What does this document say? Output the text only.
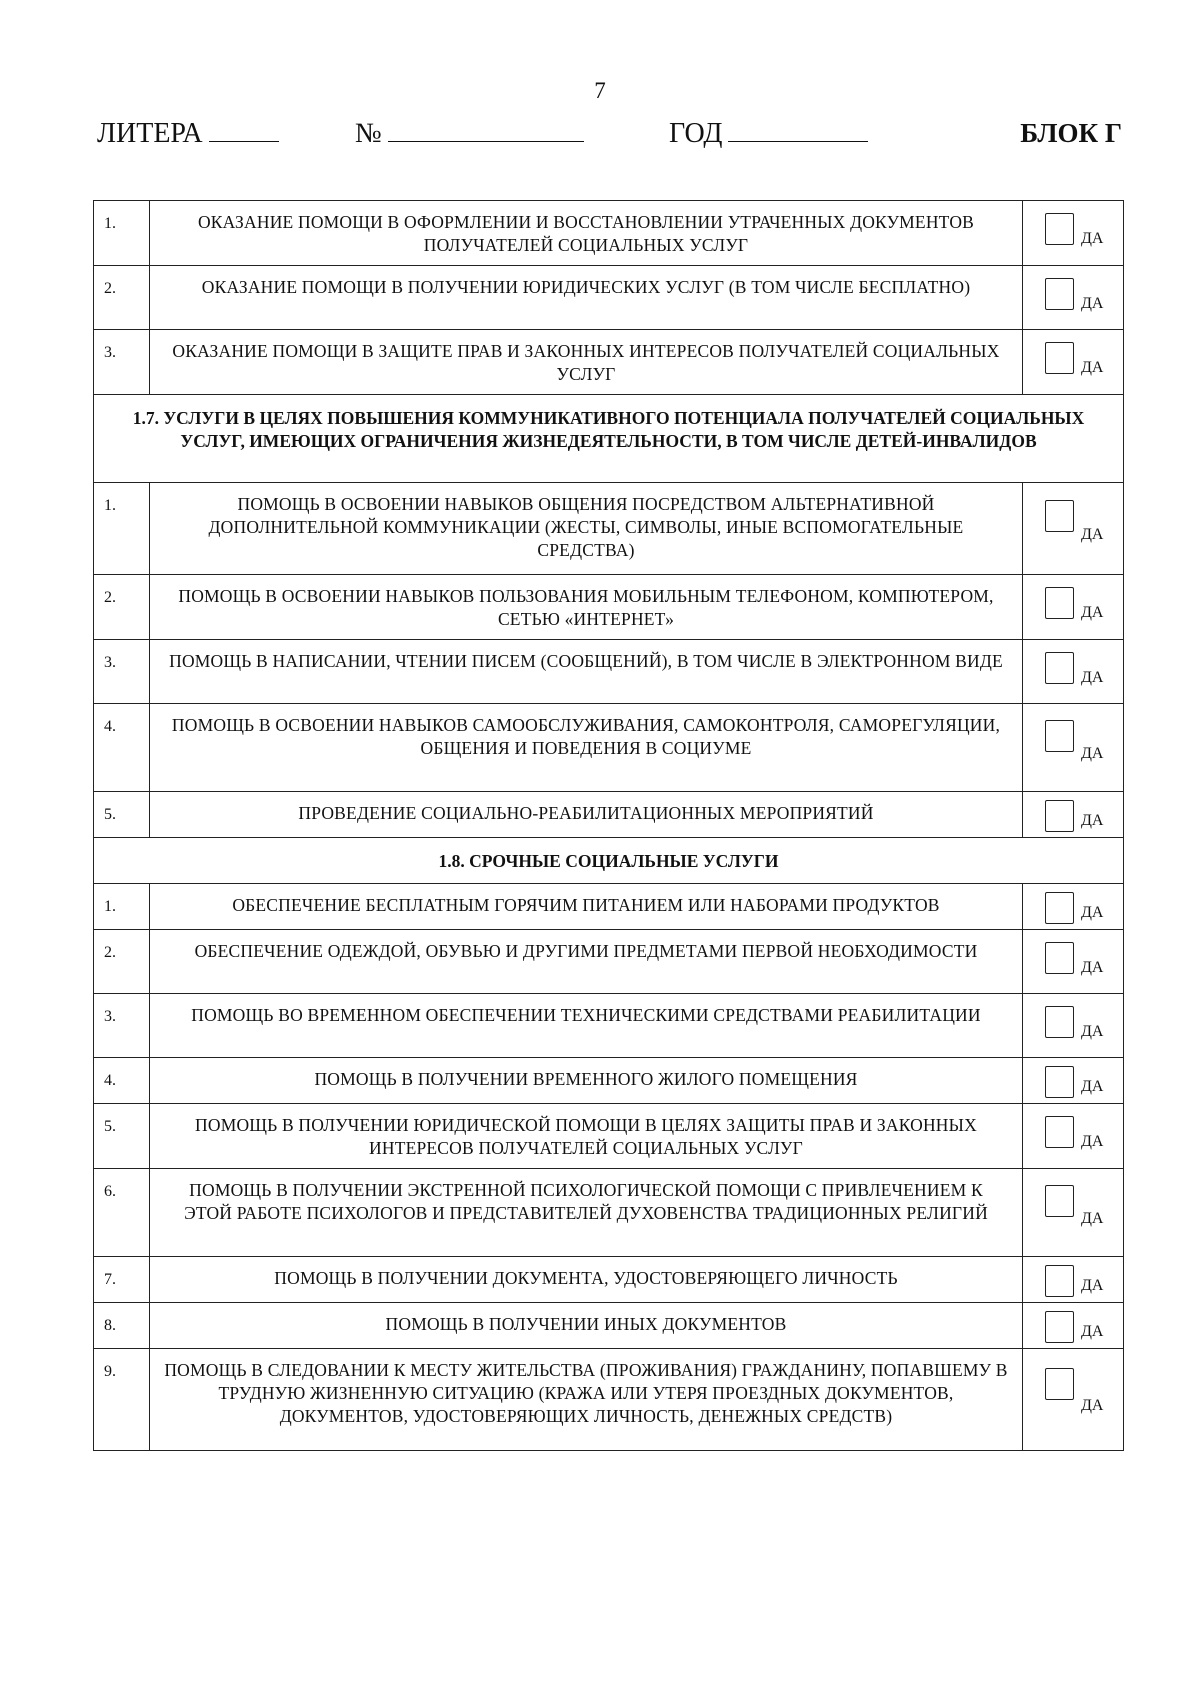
7
ЛИТЕРА	№	ГОД	БЛОК Г
1.	ОКАЗАНИЕ ПОМОЩИ В ОФОРМЛЕНИИ И ВОССТАНОВЛЕНИИ УТРАЧЕННЫХ ДОКУМЕНТОВ ПОЛУЧАТЕЛЕЙ СОЦИАЛЬНЫХ УСЛУГ	ДА

2.	ОКАЗАНИЕ ПОМОЩИ В ПОЛУЧЕНИИ ЮРИДИЧЕСКИХ УСЛУГ (В ТОМ ЧИСЛЕ БЕСПЛАТНО)	ДА

3.	ОКАЗАНИЕ ПОМОЩИ В ЗАЩИТЕ ПРАВ И ЗАКОННЫХ ИНТЕРЕСОВ ПОЛУЧАТЕЛЕЙ СОЦИАЛЬНЫХ УСЛУГ	ДА

1.7. УСЛУГИ В ЦЕЛЯХ ПОВЫШЕНИЯ КОММУНИКАТИВНОГО ПОТЕНЦИАЛА ПОЛУЧАТЕЛЕЙ СОЦИАЛЬНЫХ УСЛУГ, ИМЕЮЩИХ ОГРАНИЧЕНИЯ ЖИЗНЕДЕЯТЕЛЬНОСТИ, В ТОМ ЧИСЛЕ ДЕТЕЙ-ИНВАЛИДОВ		
1.	ПОМОЩЬ В ОСВОЕНИИ НАВЫКОВ ОБЩЕНИЯ ПОСРЕДСТВОМ АЛЬТЕРНАТИВНОЙ ДОПОЛНИТЕЛЬНОЙ КОММУНИКАЦИИ (ЖЕСТЫ, СИМВОЛЫ, ИНЫЕ ВСПОМОГАТЕЛЬНЫЕ СРЕДСТВА)	ДА

2.	ПОМОЩЬ В ОСВОЕНИИ НАВЫКОВ ПОЛЬЗОВАНИЯ МОБИЛЬНЫМ ТЕЛЕФОНОМ, КОМПЮТЕРОМ, СЕТЬЮ «ИНТЕРНЕТ»	ДА

3.	ПОМОЩЬ В НАПИСАНИИ, ЧТЕНИИ ПИСЕМ (СООБЩЕНИЙ), В ТОМ ЧИСЛЕ В ЭЛЕКТРОННОМ ВИДЕ	ДА

4.	ПОМОЩЬ В ОСВОЕНИИ НАВЫКОВ САМООБСЛУЖИВАНИЯ, САМОКОНТРОЛЯ, САМОРЕГУЛЯЦИИ, ОБЩЕНИЯ И ПОВЕДЕНИЯ В СОЦИУМЕ	ДА

5.	ПРОВЕДЕНИЕ СОЦИАЛЬНО-РЕАБИЛИТАЦИОННЫХ МЕРОПРИЯТИЙ	ДА

1.8. СРОЧНЫЕ СОЦИАЛЬНЫЕ УСЛУГИ		
1.	ОБЕСПЕЧЕНИЕ БЕСПЛАТНЫМ ГОРЯЧИМ ПИТАНИЕМ ИЛИ НАБОРАМИ ПРОДУКТОВ	ДА

2.	ОБЕСПЕЧЕНИЕ ОДЕЖДОЙ, ОБУВЬЮ И ДРУГИМИ ПРЕДМЕТАМИ ПЕРВОЙ НЕОБХОДИМОСТИ	ДА

3.	ПОМОЩЬ ВО ВРЕМЕННОМ ОБЕСПЕЧЕНИИ ТЕХНИЧЕСКИМИ СРЕДСТВАМИ РЕАБИЛИТАЦИИ	ДА

4.	ПОМОЩЬ В ПОЛУЧЕНИИ ВРЕМЕННОГО ЖИЛОГО ПОМЕЩЕНИЯ	ДА

5.	ПОМОЩЬ В ПОЛУЧЕНИИ ЮРИДИЧЕСКОЙ ПОМОЩИ В ЦЕЛЯХ ЗАЩИТЫ ПРАВ И ЗАКОННЫХ ИНТЕРЕСОВ ПОЛУЧАТЕЛЕЙ СОЦИАЛЬНЫХ УСЛУГ	ДА

6.	ПОМОЩЬ В ПОЛУЧЕНИИ ЭКСТРЕННОЙ ПСИХОЛОГИЧЕСКОЙ ПОМОЩИ С ПРИВЛЕЧЕНИЕМ К ЭТОЙ РАБОТЕ ПСИХОЛОГОВ И ПРЕДСТАВИТЕЛЕЙ ДУХОВЕНСТВА ТРАДИЦИОННЫХ РЕЛИГИЙ	ДА

7.	ПОМОЩЬ В ПОЛУЧЕНИИ ДОКУМЕНТА, УДОСТОВЕРЯЮЩЕГО ЛИЧНОСТЬ	ДА

8.	ПОМОЩЬ В ПОЛУЧЕНИИ ИНЫХ ДОКУМЕНТОВ	ДА

9.	ПОМОЩЬ В СЛЕДОВАНИИ К МЕСТУ ЖИТЕЛЬСТВА (ПРОЖИВАНИЯ) ГРАЖДАНИНУ, ПОПАВШЕМУ В ТРУДНУЮ ЖИЗНЕННУЮ СИТУАЦИЮ (КРАЖА ИЛИ УТЕРЯ ПРОЕЗДНЫХ ДОКУМЕНТОВ, ДОКУМЕНТОВ, УДОСТОВЕРЯЮЩИХ ЛИЧНОСТЬ, ДЕНЕЖНЫХ СРЕДСТВ)	ДА
